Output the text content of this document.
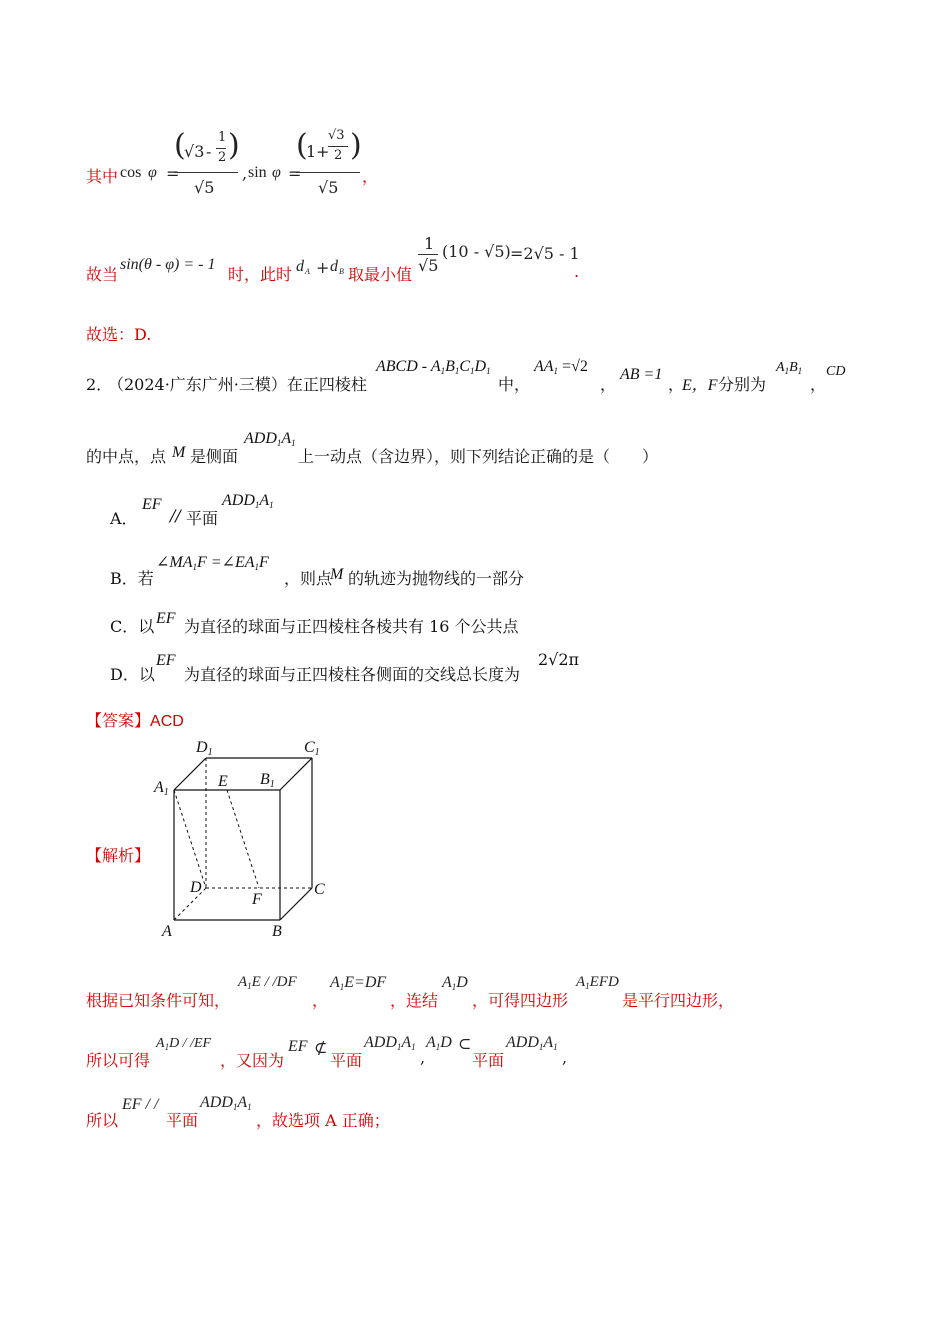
其中 cos φ =
(
√3 -
1
2 )
√5
, sin φ =
(
1 +
√3
2 )
√5
，
故当
sin(θ - φ) = - 1
时，此时 d A + d B 取最小值
1
√5
(10 - √5) =2√5 - 1
.
故选：D.
2．
（2024·广东广州·三模）在正四棱柱
ABCD - $A_1B_1C_1D_1$
中，
$AA_1 =√2$
，
AB =1
，
E，F 分别为
$A_1B_1$
，
CD
的中点，点 M 是侧面
$ADD_1A_1$
上一动点（含边界），则下列结论正确的是（　　）
A．
EF
// 平面
$ADD_1A_1$
B．若
$\angle MA_1F$ $=\angle EA_1F$
，则点
M 的轨迹为抛物线的一部分
C．以 EF 为直径的球面与正四棱柱各棱共有 16 个公共点
D．以
EF
为直径的球面与正四棱柱各侧面的交线总长度为
2√2π
【答案】ACD
【解析】
D1	C1
A1
B1
E
D
F
C
A	B
根据已知条件可知，
$A_1E / /DF$
，
$A_1E=DF$
，连结
$A_1D$
，可得四边形
$A_1EFD$
是平行四边形，
所以可得
$A_1D / /EF$
，又因为
EF ⊄
平面
$ADD_1A_1$
,
$A_1D$ ⊂
平面
$ADD_1A_1$
,
所以
EF / /
平面
$ADD_1A_1$
，故选项 A 正确；
